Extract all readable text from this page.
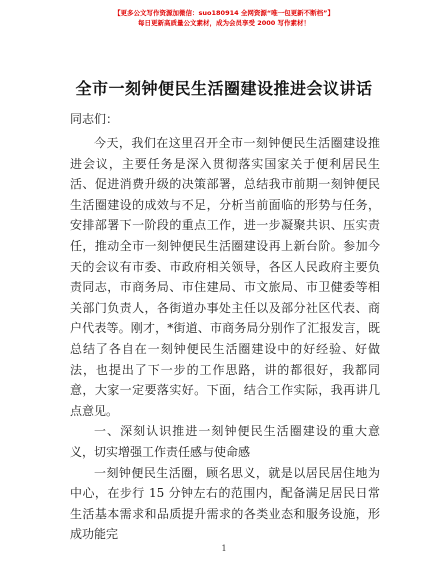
【更多公文写作资源加微信：suo180914 全网资源“唯一包更新不断档”】
每日更新高质量公文素材，成为会员享受 2000 写作素材！
全市一刻钟便民生活圈建设推进会议讲话
同志们：

今天，我们在这里召开全市一刻钟便民生活圈建设推进会议，主要任务是深入贯彻落实国家关于便利居民生活、促进消费升级的决策部署，总结我市前期一刻钟便民生活圈建设的成效与不足，分析当前面临的形势与任务，安排部署下一阶段的重点工作，进一步凝聚共识、压实责任，推动全市一刻钟便民生活圈建设再上新台阶。参加今天的会议有市委、市政府相关领导，各区人民政府主要负责同志，市商务局、市住建局、市文旅局、市卫健委等相关部门负责人，各街道办事处主任以及部分社区代表、商户代表等。刚才，*街道、市商务局分别作了汇报发言，既总结了各自在一刻钟便民生活圈建设中的好经验、好做法，也提出了下一步的工作思路，讲的都很好，我都同意，大家一定要落实好。下面，结合工作实际，我再讲几点意见。

一、深刻认识推进一刻钟便民生活圈建设的重大意义，切实增强工作责任感与使命感

一刻钟便民生活圈，顾名思义，就是以居民居住地为中心，在步行 15 分钟左右的范围内，配备满足居民日常生活基本需求和品质提升需求的各类业态和服务设施，形成功能完

1
